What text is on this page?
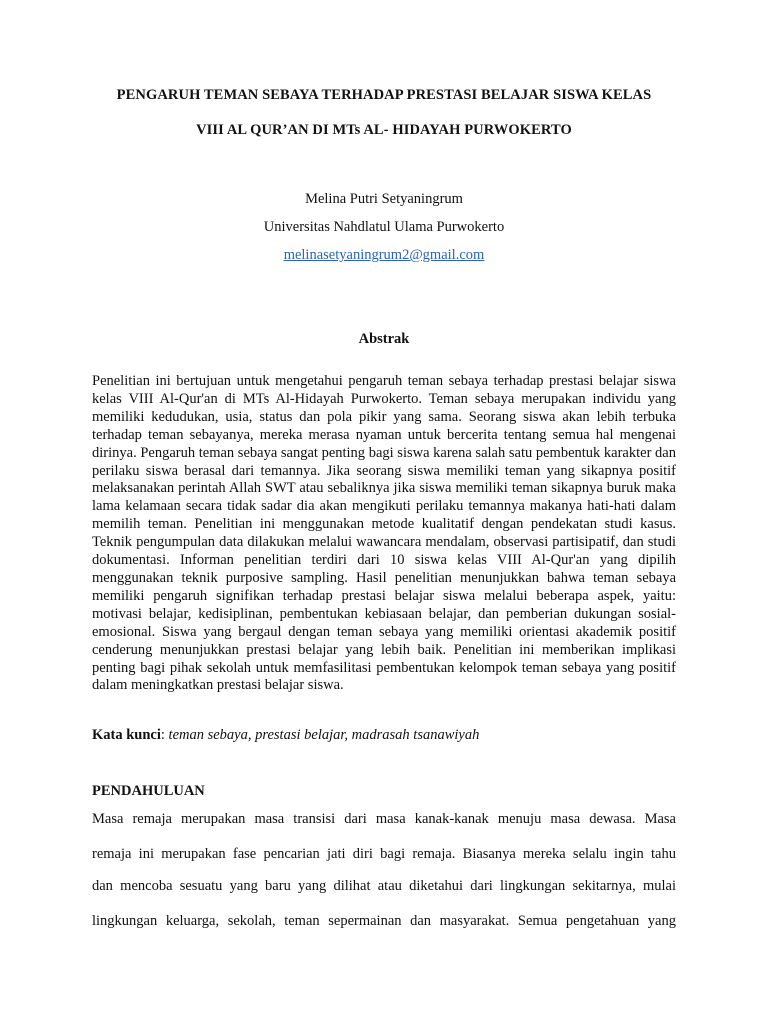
PENGARUH TEMAN SEBAYA TERHADAP PRESTASI BELAJAR SISWA KELAS
VIII AL QUR’AN DI MTs AL- HIDAYAH PURWOKERTO
Melina Putri Setyaningrum
Universitas Nahdlatul Ulama Purwokerto
melinasetyaningrum2@gmail.com
Abstrak

Penelitian ini bertujuan untuk mengetahui pengaruh teman sebaya terhadap prestasi belajar siswa kelas VIII Al-Qur'an di MTs Al-Hidayah Purwokerto. Teman sebaya merupakan individu yang memiliki kedudukan, usia, status dan pola pikir yang sama. Seorang siswa akan lebih terbuka terhadap teman sebayanya, mereka merasa nyaman untuk bercerita tentang semua hal mengenai dirinya. Pengaruh teman sebaya sangat penting bagi siswa karena salah satu pembentuk karakter dan perilaku siswa berasal dari temannya. Jika seorang siswa memiliki teman yang sikapnya positif melaksanakan perintah Allah SWT atau sebaliknya jika siswa memiliki teman sikapnya buruk maka lama kelamaan secara tidak sadar dia akan mengikuti perilaku temannya makanya hati-hati dalam memilih teman. Penelitian ini menggunakan metode kualitatif dengan pendekatan studi kasus. Teknik pengumpulan data dilakukan melalui wawancara mendalam, observasi partisipatif, dan studi dokumentasi. Informan penelitian terdiri dari 10 siswa kelas VIII Al-Qur'an yang dipilih menggunakan teknik purposive sampling. Hasil penelitian menunjukkan bahwa teman sebaya memiliki pengaruh signifikan terhadap prestasi belajar siswa melalui beberapa aspek, yaitu: motivasi belajar, kedisiplinan, pembentukan kebiasaan belajar, dan pemberian dukungan sosial-emosional. Siswa yang bergaul dengan teman sebaya yang memiliki orientasi akademik positif cenderung menunjukkan prestasi belajar yang lebih baik. Penelitian ini memberikan implikasi penting bagi pihak sekolah untuk memfasilitasi pembentukan kelompok teman sebaya yang positif dalam meningkatkan prestasi belajar siswa.

Kata kunci: teman sebaya, prestasi belajar, madrasah tsanawiyah
PENDAHULUAN
Masa remaja merupakan masa transisi dari masa kanak-kanak menuju masa dewasa. Masa
remaja ini merupakan fase pencarian jati diri bagi remaja. Biasanya mereka selalu ingin tahu
dan mencoba sesuatu yang baru yang dilihat atau diketahui dari lingkungan sekitarnya, mulai
lingkungan keluarga, sekolah, teman sepermainan dan masyarakat. Semua pengetahuan yang
